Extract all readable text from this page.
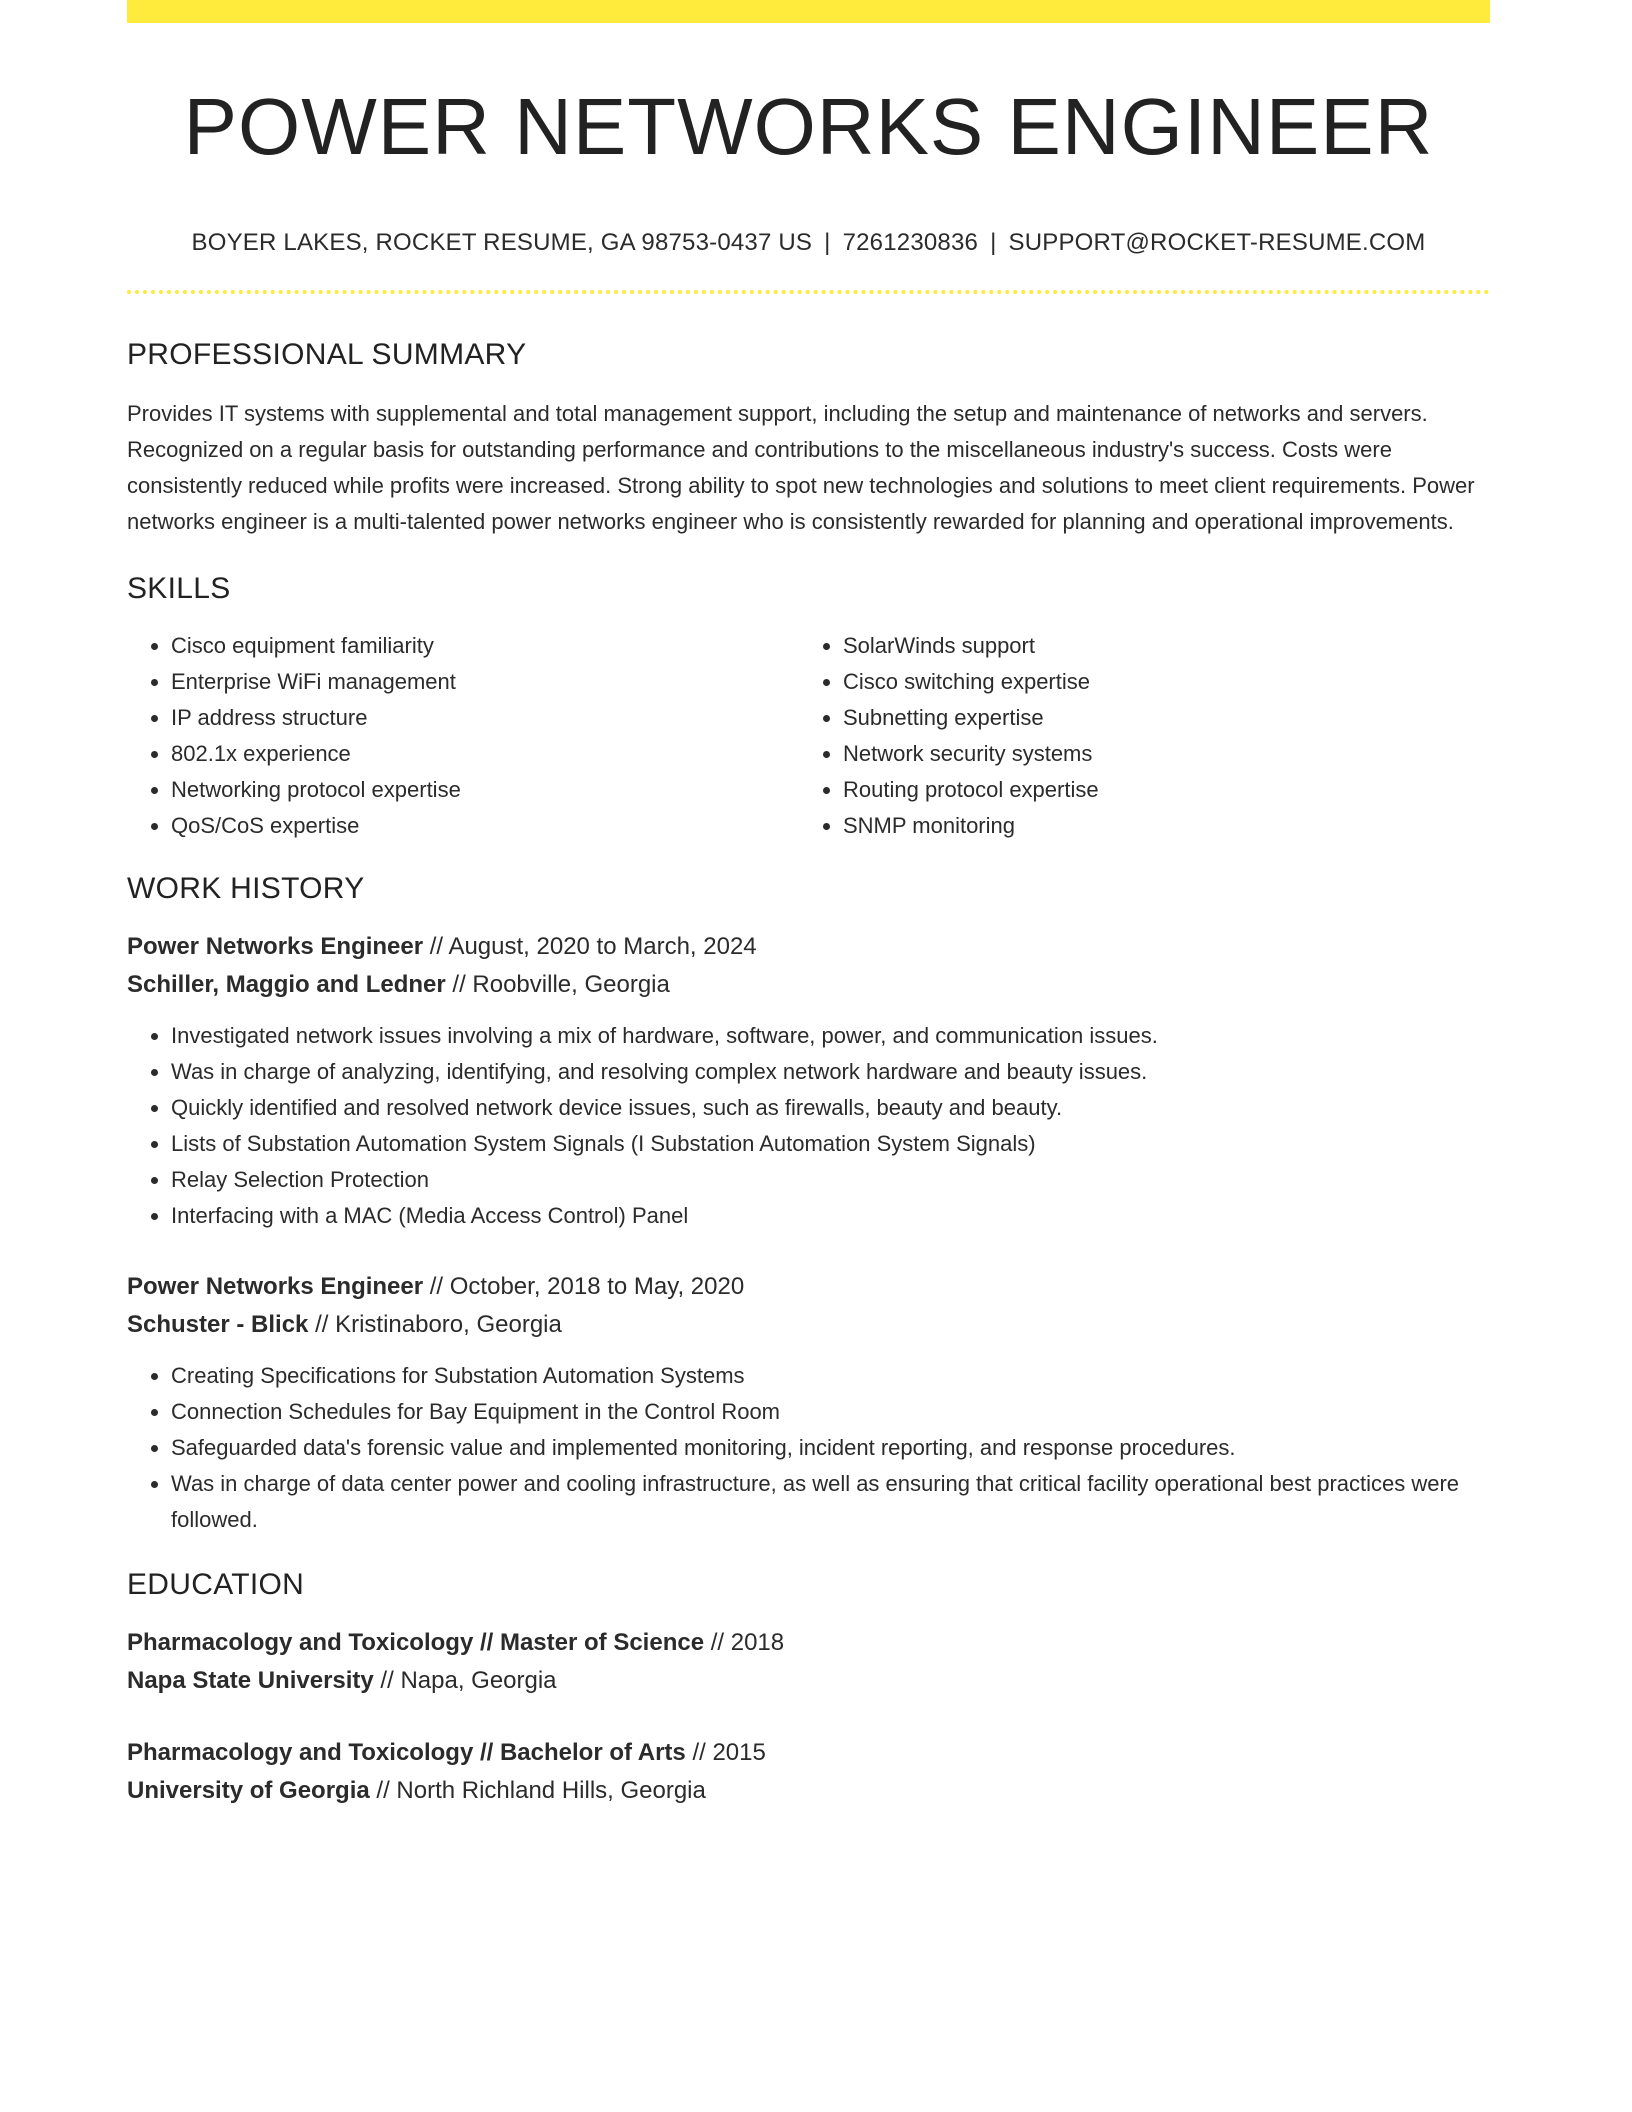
POWER NETWORKS ENGINEER
BOYER LAKES, ROCKET RESUME, GA 98753-0437 US | 7261230836 | SUPPORT@ROCKET-RESUME.COM
PROFESSIONAL SUMMARY
Provides IT systems with supplemental and total management support, including the setup and maintenance of networks and servers. Recognized on a regular basis for outstanding performance and contributions to the miscellaneous industry's success. Costs were consistently reduced while profits were increased. Strong ability to spot new technologies and solutions to meet client requirements. Power networks engineer is a multi-talented power networks engineer who is consistently rewarded for planning and operational improvements.
SKILLS
• Cisco equipment familiarity
• Enterprise WiFi management
• IP address structure
• 802.1x experience
• Networking protocol expertise
• QoS/CoS expertise
• SolarWinds support
• Cisco switching expertise
• Subnetting expertise
• Network security systems
• Routing protocol expertise
• SNMP monitoring
WORK HISTORY
Power Networks Engineer // August, 2020 to March, 2024
Schiller, Maggio and Ledner // Roobville, Georgia
• Investigated network issues involving a mix of hardware, software, power, and communication issues.
• Was in charge of analyzing, identifying, and resolving complex network hardware and beauty issues.
• Quickly identified and resolved network device issues, such as firewalls, beauty and beauty.
• Lists of Substation Automation System Signals (I Substation Automation System Signals)
• Relay Selection Protection
• Interfacing with a MAC (Media Access Control) Panel
Power Networks Engineer // October, 2018 to May, 2020
Schuster - Blick // Kristinaboro, Georgia
• Creating Specifications for Substation Automation Systems
• Connection Schedules for Bay Equipment in the Control Room
• Safeguarded data's forensic value and implemented monitoring, incident reporting, and response procedures.
• Was in charge of data center power and cooling infrastructure, as well as ensuring that critical facility operational best practices were followed.
EDUCATION
Pharmacology and Toxicology // Master of Science // 2018
Napa State University // Napa, Georgia
Pharmacology and Toxicology // Bachelor of Arts // 2015
University of Georgia // North Richland Hills, Georgia
